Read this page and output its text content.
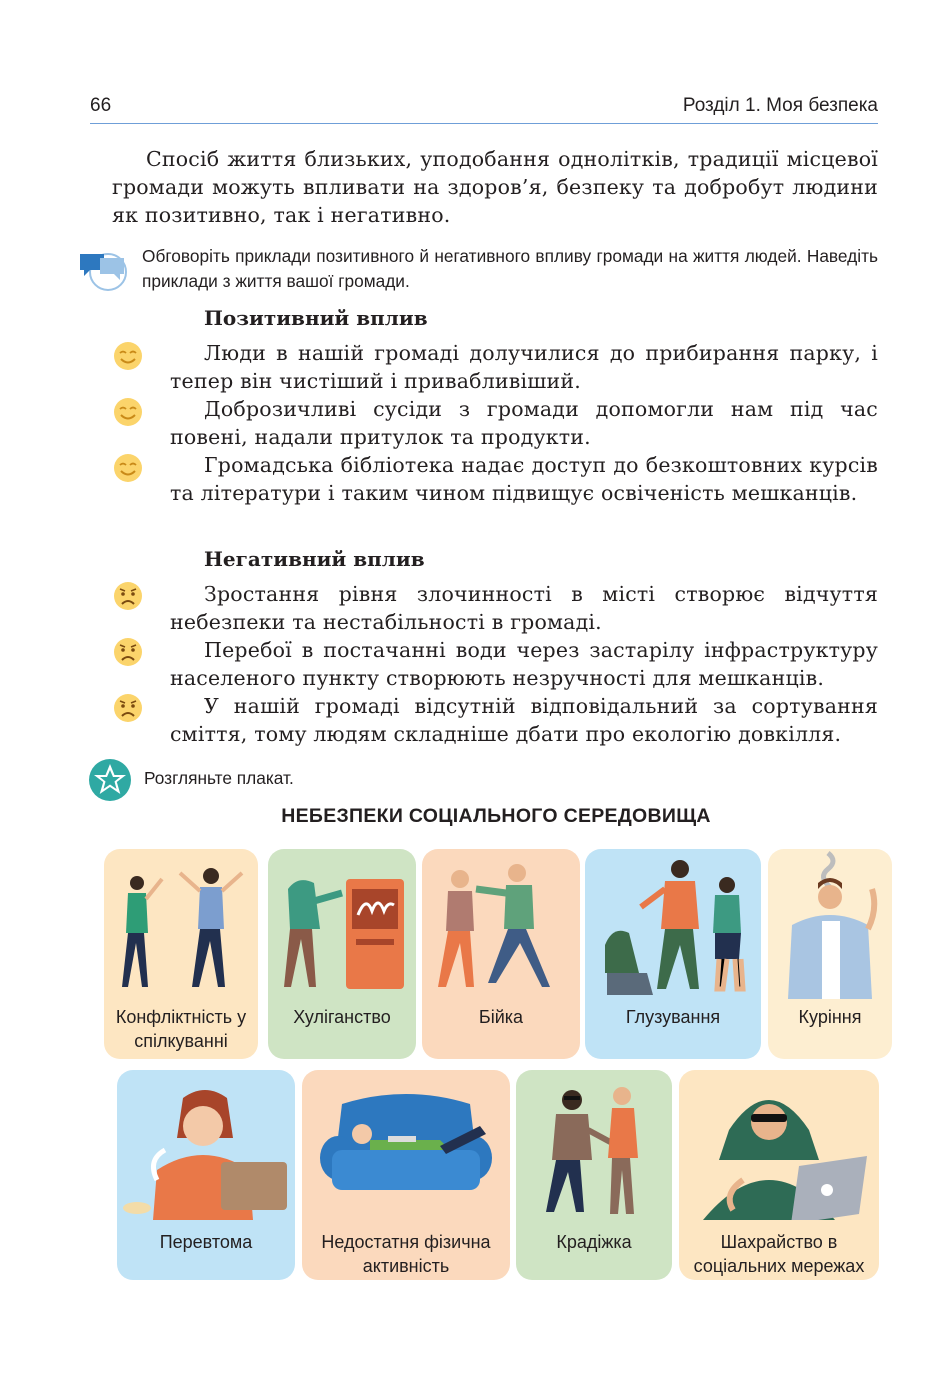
66	Розділ 1. Моя безпека
Спосіб життя близьких, уподобання однолітків, традиції місцевої громади можуть впливати на здоров’я, безпеку та добробут людини як позитивно, так і негативно.
Обговоріть приклади позитивного й негативного впливу громади на життя людей. Наведіть приклади з життя вашої громади.
Позитивний вплив
Люди в нашій громаді долучилися до прибирання парку, і тепер він чистіший і привабливіший.
Доброзичливі сусіди з громади допомогли нам під час повені, надали притулок та продукти.
Громадська бібліотека надає доступ до безкоштовних курсів та літератури і таким чином підвищує освіченість мешканців.
Негативний вплив
Зростання рівня злочинності в місті створює відчуття небезпеки та нестабільності в громаді.
Перебої в постачанні води через застарілу інфраструктуру населеного пункту створюють незручності для мешканців.
У нашій громаді відсутній відповідальний за сортування сміття, тому людям складніше дбати про екологію довкілля.
Розгляньте плакат.
НЕБЕЗПЕКИ СОЦІАЛЬНОГО СЕРЕДОВИЩА
Конфліктність у спілкуванні
Хуліганство	Бійка	Глузування	Куріння
Перевтома	Недостатня фізична активність
Крадіжка	Шахрайство в соціальних мережах
